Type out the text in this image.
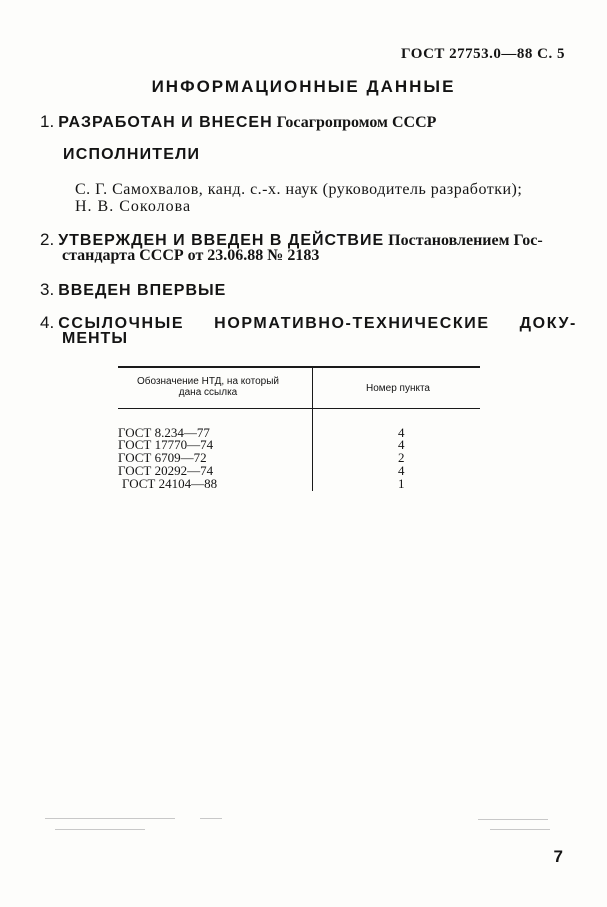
ГОСТ 27753.0—88 С. 5
ИНФОРМАЦИОННЫЕ ДАННЫЕ
1. РАЗРАБОТАН И ВНЕСЕН Госагропромом СССР
ИСПОЛНИТЕЛИ
С. Г. Самохвалов, канд. с.-х. наук (руководитель разработки);
Н. В. Соколова
2. УТВЕРЖДЕН И ВВЕДЕН В ДЕЙСТВИЕ Постановлением Гос-
стандарта СССР от 23.06.88 № 2183
3. ВВЕДЕН ВПЕРВЫЕ
4. ССЫЛОЧНЫЕ НОРМАТИВНО-ТЕХНИЧЕСКИЕ ДОКУ-
МЕНТЫ
Обозначение НТД, на который
дана ссылка	Номер пункта
ГОСТ 8.234—77	4
ГОСТ 17770—74	4
ГОСТ 6709—72	2
ГОСТ 20292—74	4
ГОСТ 24104—88	1
7
